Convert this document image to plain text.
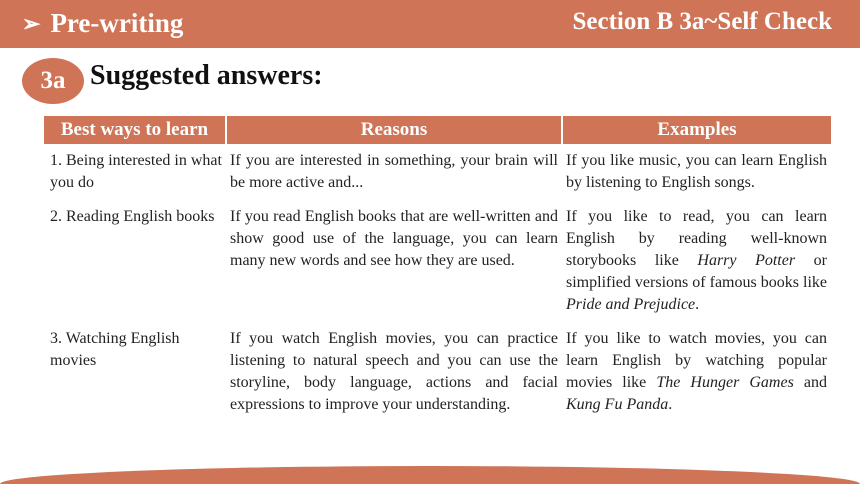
➢ Pre-writing	Section B 3a~Self Check
3a Suggested answers:
Best ways to learn	Reasons	Examples
1. Being interested in what you do	If you are interested in something, your brain will be more active and...	If you like music, you can learn English by listening to English songs.
2. Reading English books	If you read English books that are well-written and show good use of the language, you can learn many new words and see how they are used.	If you like to read, you can learn English by reading well-known storybooks like Harry Potter or simplified versions of famous books like Pride and Prejudice.
3. Watching English movies	If you watch English movies, you can practice listening to natural speech and you can use the storyline, body language, actions and facial expressions to improve your understanding.	If you like to watch movies, you can learn English by watching popular movies like The Hunger Games and Kung Fu Panda.
